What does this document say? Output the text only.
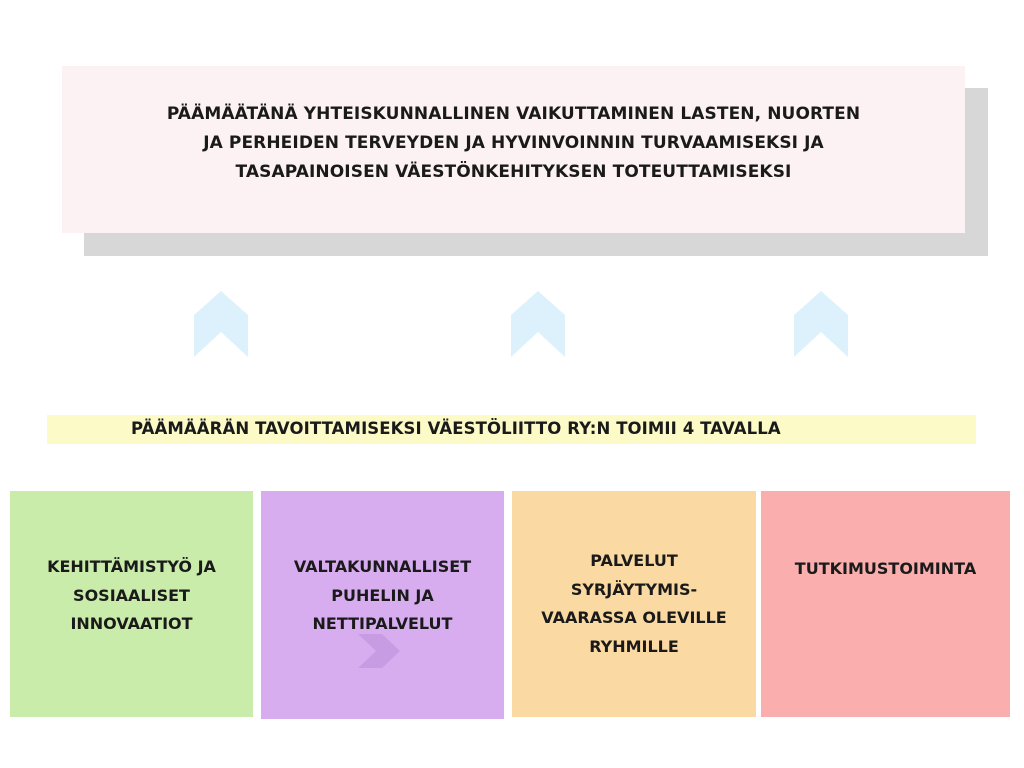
PÄÄMÄÄTÄNÄ YHTEISKUNNALLINEN VAIKUTTAMINEN LASTEN, NUORTEN
JA PERHEIDEN TERVEYDEN JA HYVINVOINNIN TURVAAMISEKSI JA
TASAPAINOISEN VÄESTÖNKEHITYKSEN TOTEUTTAMISEKSI
PÄÄMÄÄRÄN TAVOITTAMISEKSI VÄESTÖLIITTO RY:N TOIMII 4 TAVALLA
KEHITTÄMISTYÖ JA
SOSIAALISET
INNOVAATIOT
VALTAKUNNALLISET
PUHELIN JA
NETTIPALVELUT
PALVELUT
SYRJÄYTYMIS-
VAARASSA OLEVILLE
RYHMILLE
TUTKIMUSTOIMINTA
